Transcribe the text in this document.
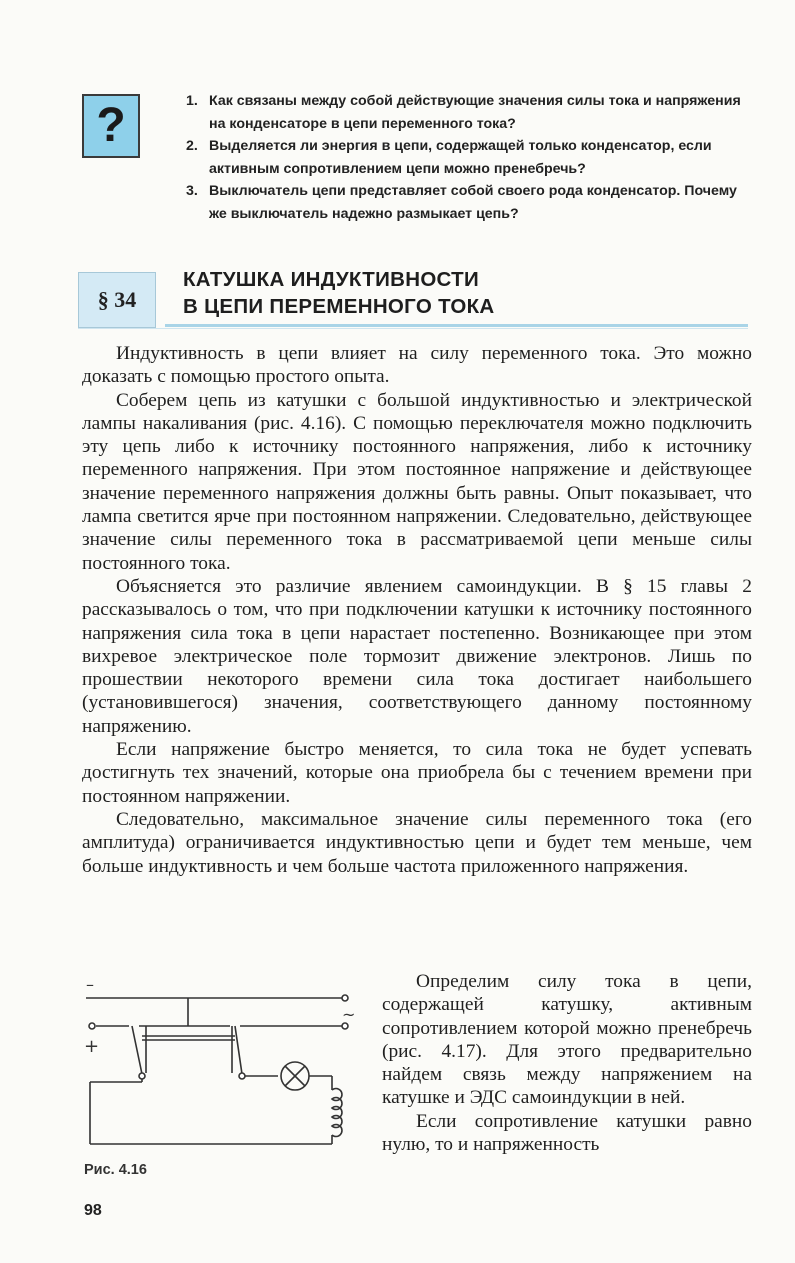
?	1. Как связаны между собой действующие значения силы тока и напряжения на конденсаторе в цепи переменного тока?
2. Выделяется ли энергия в цепи, содержащей только конденсатор, если активным сопротивлением цепи можно пренебречь?
3. Выключатель цепи представляет собой своего рода конденсатор. Почему же выключатель надежно размыкает цепь?
§ 34
КАТУШКА ИНДУКТИВНОСТИ
В ЦЕПИ ПЕРЕМЕННОГО ТОКА

Индуктивность в цепи влияет на силу переменного тока. Это можно доказать с помощью простого опыта.

Соберем цепь из катушки с большой индуктивностью и электрической лампы накаливания (рис. 4.16). С помощью переключателя можно подключить эту цепь либо к источнику постоянного напряжения, либо к источнику переменного напряжения. При этом постоянное напряжение и действующее значение переменного напряжения должны быть равны. Опыт показывает, что лампа светится ярче при постоянном напряжении. Следовательно, действующее значение силы переменного тока в рассматриваемой цепи меньше силы постоянного тока.

Объясняется это различие явлением самоиндукции. В § 15 главы 2 рассказывалось о том, что при подключении катушки к источнику постоянного напряжения сила тока в цепи нарастает постепенно. Возникающее при этом вихревое электрическое поле тормозит движение электронов. Лишь по прошествии некоторого времени сила тока достигает наибольшего (установившегося) значения, соответствующего данному постоянному напряжению.

Если напряжение быстро меняется, то сила тока не будет успевать достигнуть тех значений, которые она приобрела бы с течением времени при постоянном напряжении.

Следовательно, максимальное значение силы переменного тока (его амплитуда) ограничивается индуктивностью цепи и будет тем меньше, чем больше индуктивность и чем больше частота приложенного напряжения.

–
+
~

Определим силу тока в цепи, содержащей катушку, активным сопротивлением которой можно пренебречь (рис. 4.17). Для этого предварительно найдем связь между напряжением на катушке и ЭДС самоиндукции в ней.

Если сопротивление катушки равно нулю, то и напряженность

Рис. 4.16
98
